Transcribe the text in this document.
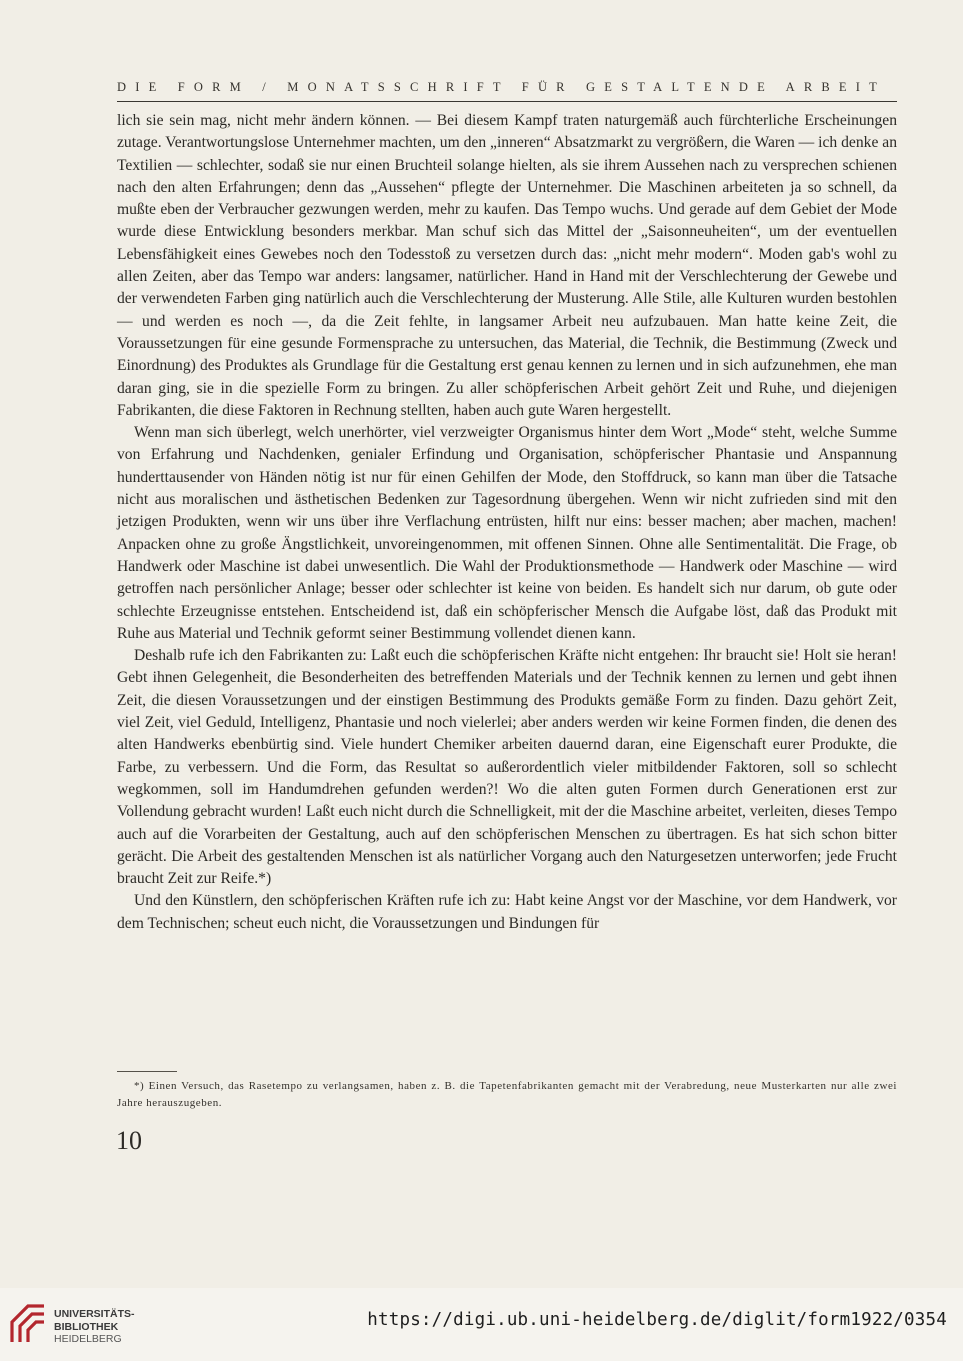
DIE FORM / MONATSSCHRIFT FÜR GESTALTENDE ARBEIT

lich sie sein mag, nicht mehr ändern können. — Bei diesem Kampf traten naturgemäß auch fürchterliche Erscheinungen zutage. Verantwortungslose Unternehmer machten, um den „inneren“ Absatzmarkt zu vergrößern, die Waren — ich denke an Textilien — schlechter, sodaß sie nur einen Bruchteil solange hielten, als sie ihrem Aussehen nach zu versprechen schienen nach den alten Erfahrungen; denn das „Aussehen“ pflegte der Unternehmer. Die Maschinen arbeiteten ja so schnell, da mußte eben der Verbraucher gezwungen werden, mehr zu kaufen. Das Tempo wuchs. Und gerade auf dem Gebiet der Mode wurde diese Entwicklung besonders merkbar. Man schuf sich das Mittel der „Saisonneuheiten“, um der eventuellen Lebensfähigkeit eines Gewebes noch den Todesstoß zu versetzen durch das: „nicht mehr modern“. Moden gab's wohl zu allen Zeiten, aber das Tempo war anders: langsamer, natürlicher. Hand in Hand mit der Verschlechterung der Gewebe und der verwendeten Farben ging natürlich auch die Verschlechterung der Musterung. Alle Stile, alle Kulturen wurden bestohlen — und werden es noch —, da die Zeit fehlte, in langsamer Arbeit neu aufzubauen. Man hatte keine Zeit, die Voraussetzungen für eine gesunde Formensprache zu untersuchen, das Material, die Technik, die Bestimmung (Zweck und Einordnung) des Produktes als Grundlage für die Gestaltung erst genau kennen zu lernen und in sich aufzunehmen, ehe man daran ging, sie in die spezielle Form zu bringen. Zu aller schöpferischen Arbeit gehört Zeit und Ruhe, und diejenigen Fabrikanten, die diese Faktoren in Rechnung stellten, haben auch gute Waren hergestellt.

Wenn man sich überlegt, welch unerhörter, viel verzweigter Organismus hinter dem Wort „Mode“ steht, welche Summe von Erfahrung und Nachdenken, genialer Erfindung und Organisation, schöpferischer Phantasie und Anspannung hunderttausender von Händen nötig ist nur für einen Gehilfen der Mode, den Stoffdruck, so kann man über die Tatsache nicht aus moralischen und ästhetischen Bedenken zur Tagesordnung übergehen. Wenn wir nicht zufrieden sind mit den jetzigen Produkten, wenn wir uns über ihre Verflachung entrüsten, hilft nur eins: besser machen; aber machen, machen! Anpacken ohne zu große Ängstlichkeit, unvoreingenommen, mit offenen Sinnen. Ohne alle Sentimentalität. Die Frage, ob Handwerk oder Maschine ist dabei unwesentlich. Die Wahl der Produktionsmethode — Handwerk oder Maschine — wird getroffen nach persönlicher Anlage; besser oder schlechter ist keine von beiden. Es handelt sich nur darum, ob gute oder schlechte Erzeugnisse entstehen. Entscheidend ist, daß ein schöpferischer Mensch die Aufgabe löst, daß das Produkt mit Ruhe aus Material und Technik geformt seiner Bestimmung vollendet dienen kann.

Deshalb rufe ich den Fabrikanten zu: Laßt euch die schöpferischen Kräfte nicht entgehen: Ihr braucht sie! Holt sie heran! Gebt ihnen Gelegenheit, die Besonderheiten des betreffenden Materials und der Technik kennen zu lernen und gebt ihnen Zeit, die diesen Voraussetzungen und der einstigen Bestimmung des Produkts gemäße Form zu finden. Dazu gehört Zeit, viel Zeit, viel Geduld, Intelligenz, Phantasie und noch vielerlei; aber anders werden wir keine Formen finden, die denen des alten Handwerks ebenbürtig sind. Viele hundert Chemiker arbeiten dauernd daran, eine Eigenschaft eurer Produkte, die Farbe, zu verbessern. Und die Form, das Resultat so außerordentlich vieler mitbildender Faktoren, soll so schlecht wegkommen, soll im Handumdrehen gefunden werden?! Wo die alten guten Formen durch Generationen erst zur Vollendung gebracht wurden! Laßt euch nicht durch die Schnelligkeit, mit der die Maschine arbeitet, verleiten, dieses Tempo auch auf die Vorarbeiten der Gestaltung, auch auf den schöpferischen Menschen zu übertragen. Es hat sich schon bitter gerächt. Die Arbeit des gestaltenden Menschen ist als natürlicher Vorgang auch den Naturgesetzen unterworfen; jede Frucht braucht Zeit zur Reife.*)

Und den Künstlern, den schöpferischen Kräften rufe ich zu: Habt keine Angst vor der Maschine, vor dem Handwerk, vor dem Technischen; scheut euch nicht, die Voraussetzungen und Bindungen für

*) Einen Versuch, das Rasetempo zu verlangsamen, haben z. B. die Tapetenfabrikanten gemacht mit der Verabredung, neue Musterkarten nur alle zwei Jahre herauszugeben.
10
UNIVERSITÄTS-
BIBLIOTHEK
HEIDELBERG
https://digi.ub.uni-heidelberg.de/diglit/form1922/0354
